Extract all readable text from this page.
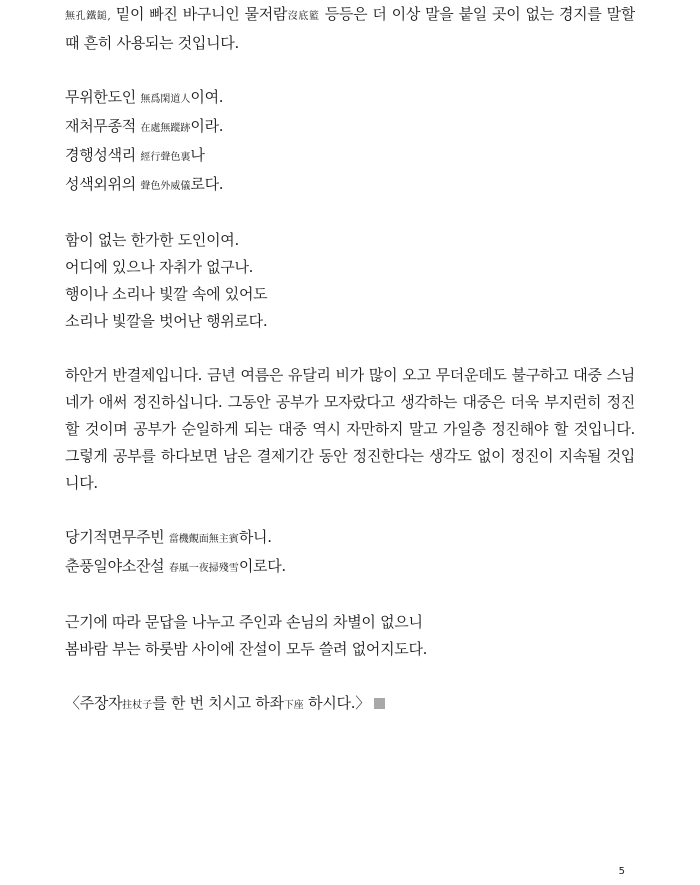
無孔鐵鎚, 밑이 빠진 바구니인 물저람沒底籃 등등은 더 이상 말을 붙일 곳이 없는 경지를 말할
때 흔히 사용되는 것입니다.
무위한도인 無爲閑道人이여.
재처무종적 在處無蹤跡이라.
경행성색리 經行聲色裏나
성색외위의 聲色外威儀로다.
함이 없는 한가한 도인이여.
어디에 있으나 자취가 없구나.
행이나 소리나 빛깔 속에 있어도
소리나 빛깔을 벗어난 행위로다.
하안거 반결제입니다. 금년 여름은 유달리 비가 많이 오고 무더운데도 불구하고 대중 스님
네가 애써 정진하십니다. 그동안 공부가 모자랐다고 생각하는 대중은 더욱 부지런히 정진
할 것이며 공부가 순일하게 되는 대중 역시 자만하지 말고 가일층 정진해야 할 것입니다.
그렇게 공부를 하다보면 남은 결제기간 동안 정진한다는 생각도 없이 정진이 지속될 것입
니다.
당기적면무주빈 當機覿面無主賓하니.
춘풍일야소잔설 春風一夜掃殘雪이로다.
근기에 따라 문답을 나누고 주인과 손님의 차별이 없으니
봄바람 부는 하룻밤 사이에 잔설이 모두 쓸려 없어지도다.
〈주장자拄杖子를 한 번 치시고 하좌下座 하시다.〉
5
